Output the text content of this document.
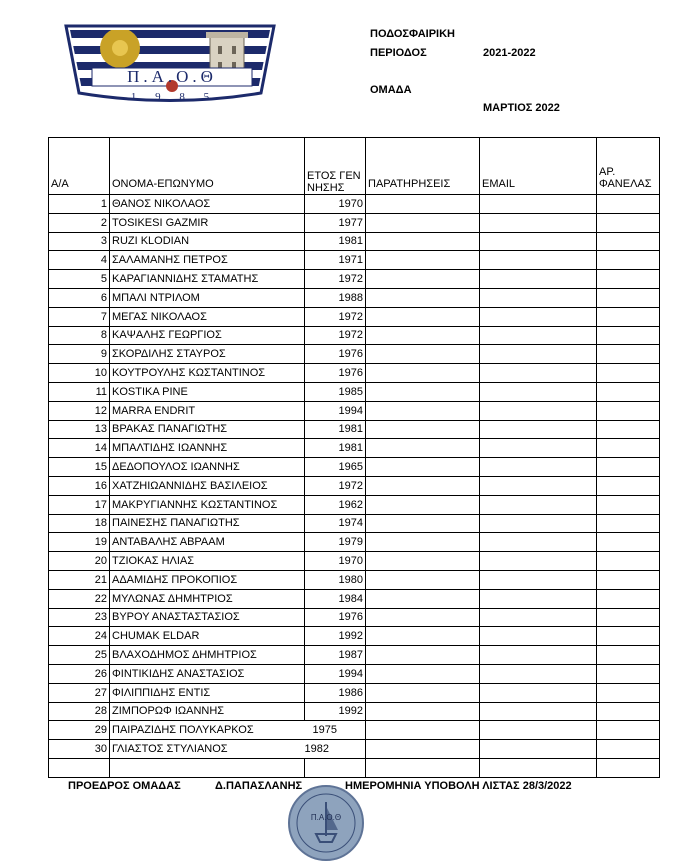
Π.Α.Ο.Θ
1 9 8 5
ΠΟΔΟΣΦΑΙΡΙΚΗ
ΠΕΡΙΟΔΟΣ	2021-2022
ΟΜΑΔΑ
ΜΑΡΤΙΟΣ 2022
Α/Α	ΟΝΟΜΑ-ΕΠΩΝΥΜΟ	ΕΤΟΣ ΓΕΝΝΗΣΗΣ	ΠΑΡΑΤΗΡΗΣΕΙΣ	EMAIL	ΑΡ. ΦΑΝΕΛΑΣ
1	ΘΑΝΟΣ ΝΙΚΟΛΑΟΣ	1970			
2	TOSIKESI GAZMIR	1977			
3	RUZI KLODIAN	1981			
4	ΣΑΛΑΜΑΝΗΣ ΠΕΤΡΟΣ	1971			
5	ΚΑΡΑΓΙΑΝΝΙΔΗΣ ΣΤΑΜΑΤΗΣ	1972			
6	ΜΠΑΛΙ ΝΤΡΙΛΟΜ	1988			
7	ΜΕΓΑΣ ΝΙΚΟΛΑΟΣ	1972			
8	ΚΑΨΑΛΗΣ ΓΕΩΡΓΙΟΣ	1972			
9	ΣΚΟΡΔΙΛΗΣ ΣΤΑΥΡΟΣ	1976			
10	ΚΟΥΤΡΟΥΛΗΣ ΚΩΣΤΑΝΤΙΝΟΣ	1976			
11	KOSTIKA PINE	1985			
12	MARRA ENDRIT	1994			
13	ΒΡΑΚΑΣ ΠΑΝΑΓΙΩΤΗΣ	1981			
14	ΜΠΑΛΤΙΔΗΣ ΙΩΑΝΝΗΣ	1981			
15	ΔΕΔΟΠΟΥΛΟΣ ΙΩΑΝΝΗΣ	1965			
16	ΧΑΤΖΗΙΩΑΝΝΙΔΗΣ ΒΑΣΙΛΕΙΟΣ	1972			
17	ΜΑΚΡΥΓΙΑΝΝΗΣ ΚΩΣΤΑΝΤΙΝΟΣ	1962			
18	ΠΑΙΝΕΣΗΣ ΠΑΝΑΓΙΩΤΗΣ	1974			
19	ΑΝΤΑΒΑΛΗΣ ΑΒΡΑΑΜ	1979			
20	ΤΖΙΟΚΑΣ ΗΛΙΑΣ	1970			
21	ΑΔΑΜΙΔΗΣ ΠΡΟΚΟΠΙΟΣ	1980			
22	ΜΥΛΩΝΑΣ ΔΗΜΗΤΡΙΟΣ	1984			
23	ΒΥΡΟΥ ΑΝΑΣΤΑΣΤΑΣΙΟΣ	1976			
24	CHUMAK ELDAR	1992			
25	ΒΛΑΧΟΔΗΜΟΣ ΔΗΜΗΤΡΙΟΣ	1987			
26	ΦΙΝΤΙΚΙΔΗΣ ΑΝΑΣΤΑΣΙΟΣ	1994			
27	ΦΙΛΙΠΠΙΔΗΣ ΕΝΤΙΣ	1986			
28	ΖΙΜΠΟΡΩΦ ΙΩΑΝΝΗΣ	1992			
29	ΠΑΙΡΑΖΙΔΗΣ ΠΟΛΥΚΑΡΚΟΣ	1975			
30	ΓΛΙΑΣΤΟΣ ΣΤΥΛΙΑΝΟΣ	1982			

ΠΡΟΕΔΡΟΣ ΟΜΑΔΑΣ	Δ.ΠΑΠΑΣΛΑΝΗΣ	ΗΜΕΡΟΜΗΝΙΑ ΥΠΟΒΟΛΗ ΛΙΣΤΑΣ 28/3/2022
Π.Α.Ο.Θ
